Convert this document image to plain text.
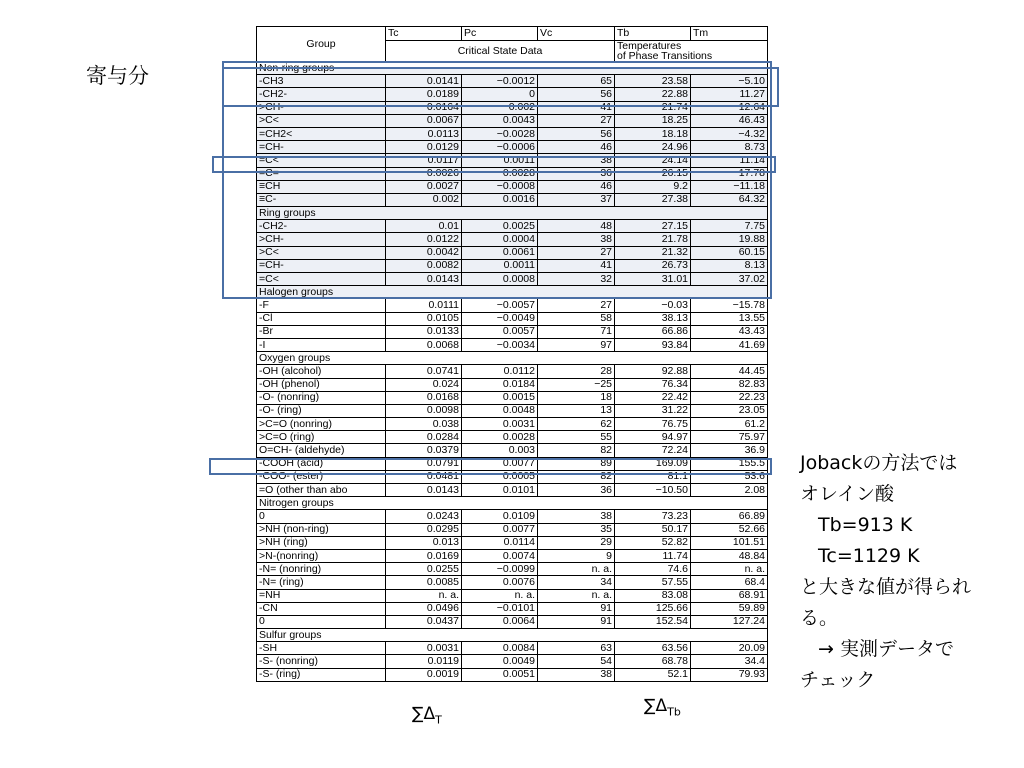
寄与分
Group	Tc	Pc	Vc	Tb	Tm
	Critical State Data			Temperatures
of Phase Transitions	
Non-ring groups					
-CH3	0.0141	−0.0012	65	23.58	−5.10
-CH2-	0.0189	0	56	22.88	11.27
>CH-	0.0164	0.002	41	21.74	12.64
>C<	0.0067	0.0043	27	18.25	46.43
=CH2<	0.0113	−0.0028	56	18.18	−4.32
=CH-	0.0129	−0.0006	46	24.96	8.73
=C<	0.0117	0.0011	38	24.14	11.14
=C=	0.0026	0.0028	36	26.15	17.78
≡CH	0.0027	−0.0008	46	9.2	−11.18
≡C-	0.002	0.0016	37	27.38	64.32
Ring groups					
-CH2-	0.01	0.0025	48	27.15	7.75
>CH-	0.0122	0.0004	38	21.78	19.88
>C<	0.0042	0.0061	27	21.32	60.15
=CH-	0.0082	0.0011	41	26.73	8.13
=C<	0.0143	0.0008	32	31.01	37.02
Halogen groups					
-F	0.0111	−0.0057	27	−0.03	−15.78
-Cl	0.0105	−0.0049	58	38.13	13.55
-Br	0.0133	0.0057	71	66.86	43.43
-I	0.0068	−0.0034	97	93.84	41.69
Oxygen groups					
-OH (alcohol)	0.0741	0.0112	28	92.88	44.45
-OH (phenol)	0.024	0.0184	−25	76.34	82.83
-O- (nonring)	0.0168	0.0015	18	22.42	22.23
-O- (ring)	0.0098	0.0048	13	31.22	23.05
>C=O (nonring)	0.038	0.0031	62	76.75	61.2
>C=O (ring)	0.0284	0.0028	55	94.97	75.97
O=CH- (aldehyde)	0.0379	0.003	82	72.24	36.9
-COOH (acid)	0.0791	0.0077	89	169.09	155.5
-COO- (ester)	0.0481	0.0005	82	81.1	53.6
=O (other than abo	0.0143	0.0101	36	−10.50	2.08
Nitrogen groups					
0	0.0243	0.0109	38	73.23	66.89
>NH (non-ring)	0.0295	0.0077	35	50.17	52.66
>NH (ring)	0.013	0.0114	29	52.82	101.51
>N-(nonring)	0.0169	0.0074	9	11.74	48.84
-N= (nonring)	0.0255	−0.0099	n. a.	74.6	n. a.
-N= (ring)	0.0085	0.0076	34	57.55	68.4
=NH	n. a.	n. a.	n. a.	83.08	68.91
-CN	0.0496	−0.0101	91	125.66	59.89
0	0.0437	0.0064	91	152.54	127.24
Sulfur groups					
-SH	0.0031	0.0084	63	63.56	20.09
-S- (nonring)	0.0119	0.0049	54	68.78	34.4
-S- (ring)	0.0019	0.0051	38	52.1	79.93
$\sum\Delta_T$
$\sum\Delta_{Tb}$
Jobackの方法では
オレイン酸
Tb=913 K
Tc=1129 K
と大きな値が得られ
る。
→ 実測データで
チェック
